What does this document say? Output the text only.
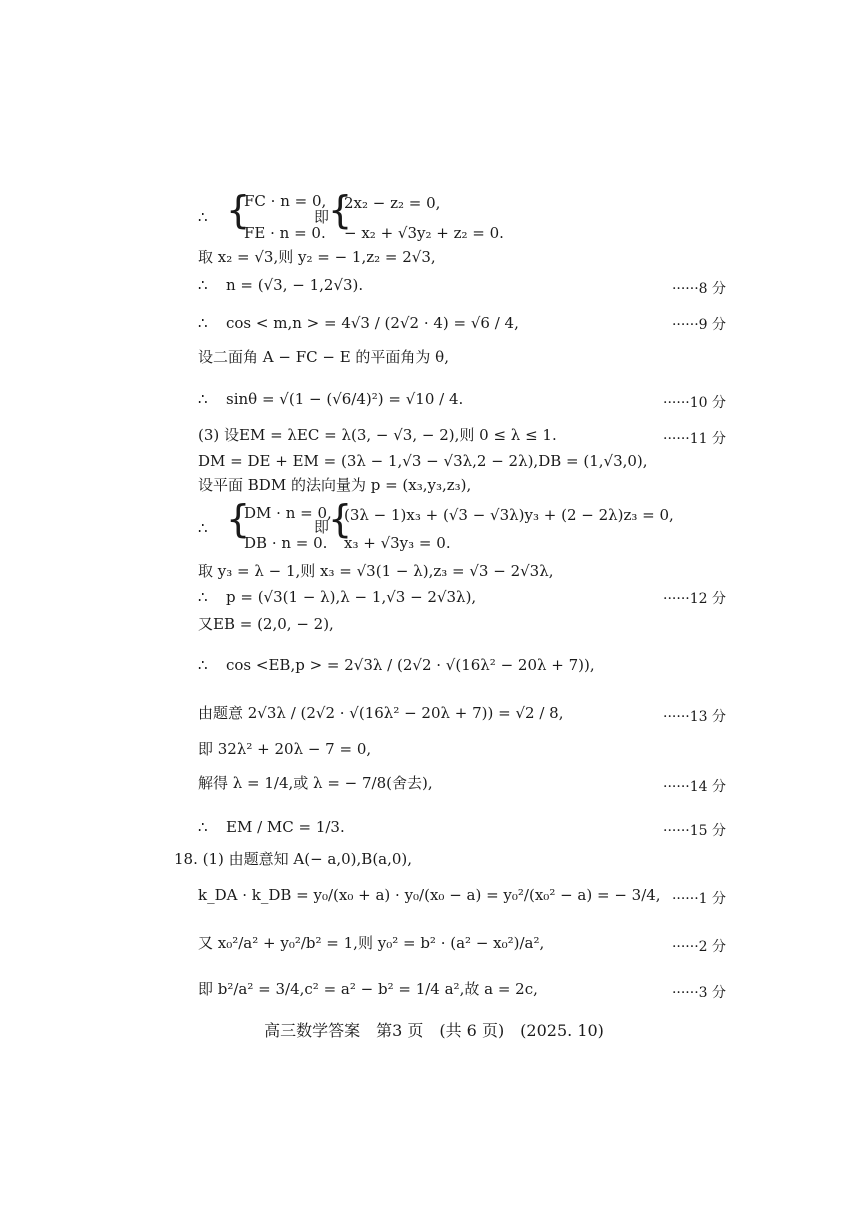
∴ {
FC · n = 0,
FE · n = 0.
即
{
2x₂ − z₂ = 0,
− x₂ + √3y₂ + z₂ = 0.
取 x₂ = √3,则 y₂ = − 1,z₂ = 2√3,
∴ n = (√3, − 1,2√3).	······8 分
∴ cos < m,n > = 4√3 / (2√2 · 4) = √6 / 4,	······9 分
设二面角 A − FC − E 的平面角为 θ,
∴ sinθ = √(1 − (√6/4)²) = √10 / 4.	······10 分
(3) 设EM = λEC = λ(3, − √3, − 2),则 0 ≤ λ ≤ 1.	······11 分
DM = DE + EM = (3λ − 1,√3 − √3λ,2 − 2λ),DB = (1,√3,0),
设平面 BDM 的法向量为 p = (x₃,y₃,z₃),
∴ {
DM · n = 0,
DB · n = 0.
即
{
(3λ − 1)x₃ + (√3 − √3λ)y₃ + (2 − 2λ)z₃ = 0,
x₃ + √3y₃ = 0.
取 y₃ = λ − 1,则 x₃ = √3(1 − λ),z₃ = √3 − 2√3λ,
∴ p = (√3(1 − λ),λ − 1,√3 − 2√3λ),	······12 分
又EB = (2,0, − 2),
∴ cos <EB,p > = 2√3λ / (2√2 · √(16λ² − 20λ + 7)),
由题意 2√3λ / (2√2 · √(16λ² − 20λ + 7)) = √2 / 8,	······13 分
即 32λ² + 20λ − 7 = 0,
解得 λ = 1/4,或 λ = − 7/8(舍去),	······14 分
∴ EM / MC = 1/3.	······15 分
18. (1) 由题意知 A(− a,0),B(a,0),
k_DA · k_DB = y₀/(x₀ + a) · y₀/(x₀ − a) = y₀²/(x₀² − a) = − 3/4, ······1 分
又 x₀²/a² + y₀²/b² = 1,则 y₀² = b² · (a² − x₀²)/a²,	······2 分
即 b²/a² = 3/4,c² = a² − b² = 1/4 a²,故 a = 2c,	······3 分
高三数学答案　第3 页　(共 6 页)　(2025. 10)
